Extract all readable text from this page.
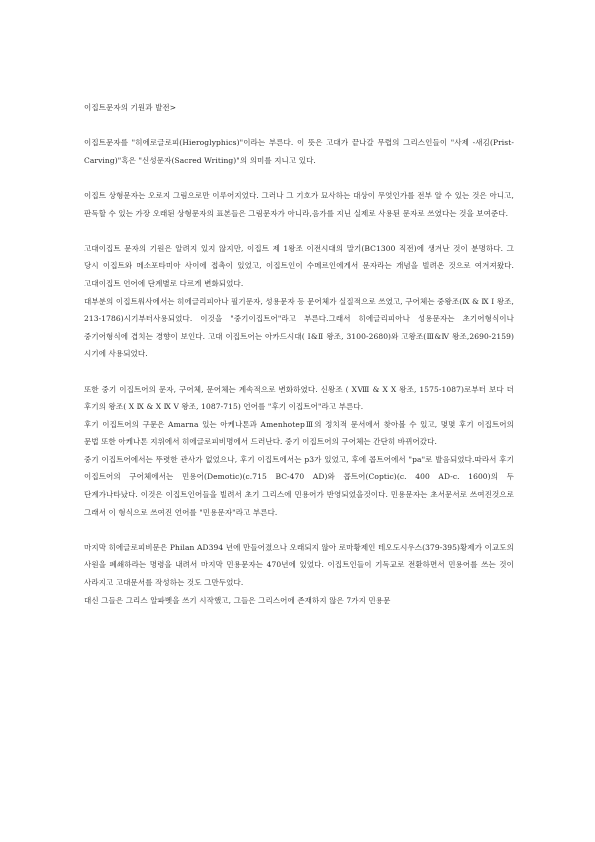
이집트문자의 기원과 발전>

이집트문자를 "히에로글로피(Hieroglyphics)"이라는 부른다. 이 뜻은 고대가 끝나갈 무렵의 그리스인들이 "사제 -새김(Prist-Carving)"혹은 "신성문자(Sacred Writing)"의 의미를 지니고 있다.

이집트 상형문자는 오로지 그림으로만 이루어지었다. 그러나 그 기호가 묘사하는 대상이 무엇인가를 전부 알 수 있는 것은 아니고,판독할 수 있는 가장 오래된 상형문자의 표본들은 그림문자가 아니라,음가를 지닌 실제로 사용된 문자로 쓰였다는 것을 보여준다.

고대이집트 문자의 기원은 알려지 있지 않지만, 이집트 제 1왕조 이전시대의 말기(BC1300 직전)에 생겨난 것이 분명하다. 그 당시 이집트와 메소포타미아 사이에 접촉이 있었고, 이집트인이 수메르인에게서 문자라는 개념을 빌려온 것으로 여겨져왔다. 고대이집트 언어에 단계별로 다르게 변화되었다.

대부분의 이집트워사에서는 히에글리피아나 필기문자, 성용문자 등 문어체가 실질적으로 쓰였고, 구어체는 중왕조(Ⅸ & Ⅸ Ⅰ 왕조, 213-1786)시기부터사용되었다. 이것을 "중기이집트어"라고 부른다.그래서 히에글리피아나 성용문자는 초기어형식이나 중기어형식에 겹치는 경향이 보인다. 고대 이집트어는 아카드시대( Ⅰ&Ⅱ 왕조, 3100-2680)와 고왕조(Ⅲ&Ⅳ 왕조,2690-2159)시기에 사용되었다.

또한 중기 이집트어의 문자, 구어체, 문어체는 계속적으로 변화하였다. 신왕조 ( XⅧ & X X 왕조, 1575-1087)로부터 보다 더 후기의 왕조( X Ⅸ & X Ⅸ V 왕조, 1087-715) 언어를 "후기 이집트어"라고 부른다.

후기 이집트어의 구문은 Amarna 있는 아케나톤과 AmenhotepⅢ의 정치적 문서에서 찾아볼 수 있고, 몇몇 후기 이집트어의 문법 또한 아케나톤 지위에서 히에글로피비명에서 드러난다. 중기 이집트어의 구어체는 간단히 바뀌어갔다.

중기 이집트어에서는 뚜렷한 관사가 없었으나, 후기 이집트에서는 p3가 있었고, 후에 콥트어에서 "pa"로 발음되었다.따라서 후기 이집트어의 구어체에서는 민용어(Demotic)(c.715 BC-470 AD)와 콥트어(Coptic)(c. 400 AD-c. 1600)의 두 단계가나타났다. 이것은 이집트인어들을 빌려서 초기 그리스에 민용어가 반영되었을것이다. 민용문자는 초서문서로 쓰여진것으로 그래서 이 형식으로 쓰여진 언어를 "민용문자"라고 부른다.

마지막 히에글로피비문은 Philan AD394 년에 만들어졌으나 오래되지 않아 로마황제인 테오도시우스(379-395)황제가 이교도의 사원을 폐쇄하라는 명령을 내려서 마지막 민용문자는 470년에 있었다. 이집트인들이 기독교로 전환하면서 민용어를 쓰는 것이 사라지고 고대문서를 작성하는 것도 그만두었다.

대신 그들은 그리스 알파벳을 쓰기 시작했고, 그들은 그리스어에 존재하지 않은 7가지 민용문
